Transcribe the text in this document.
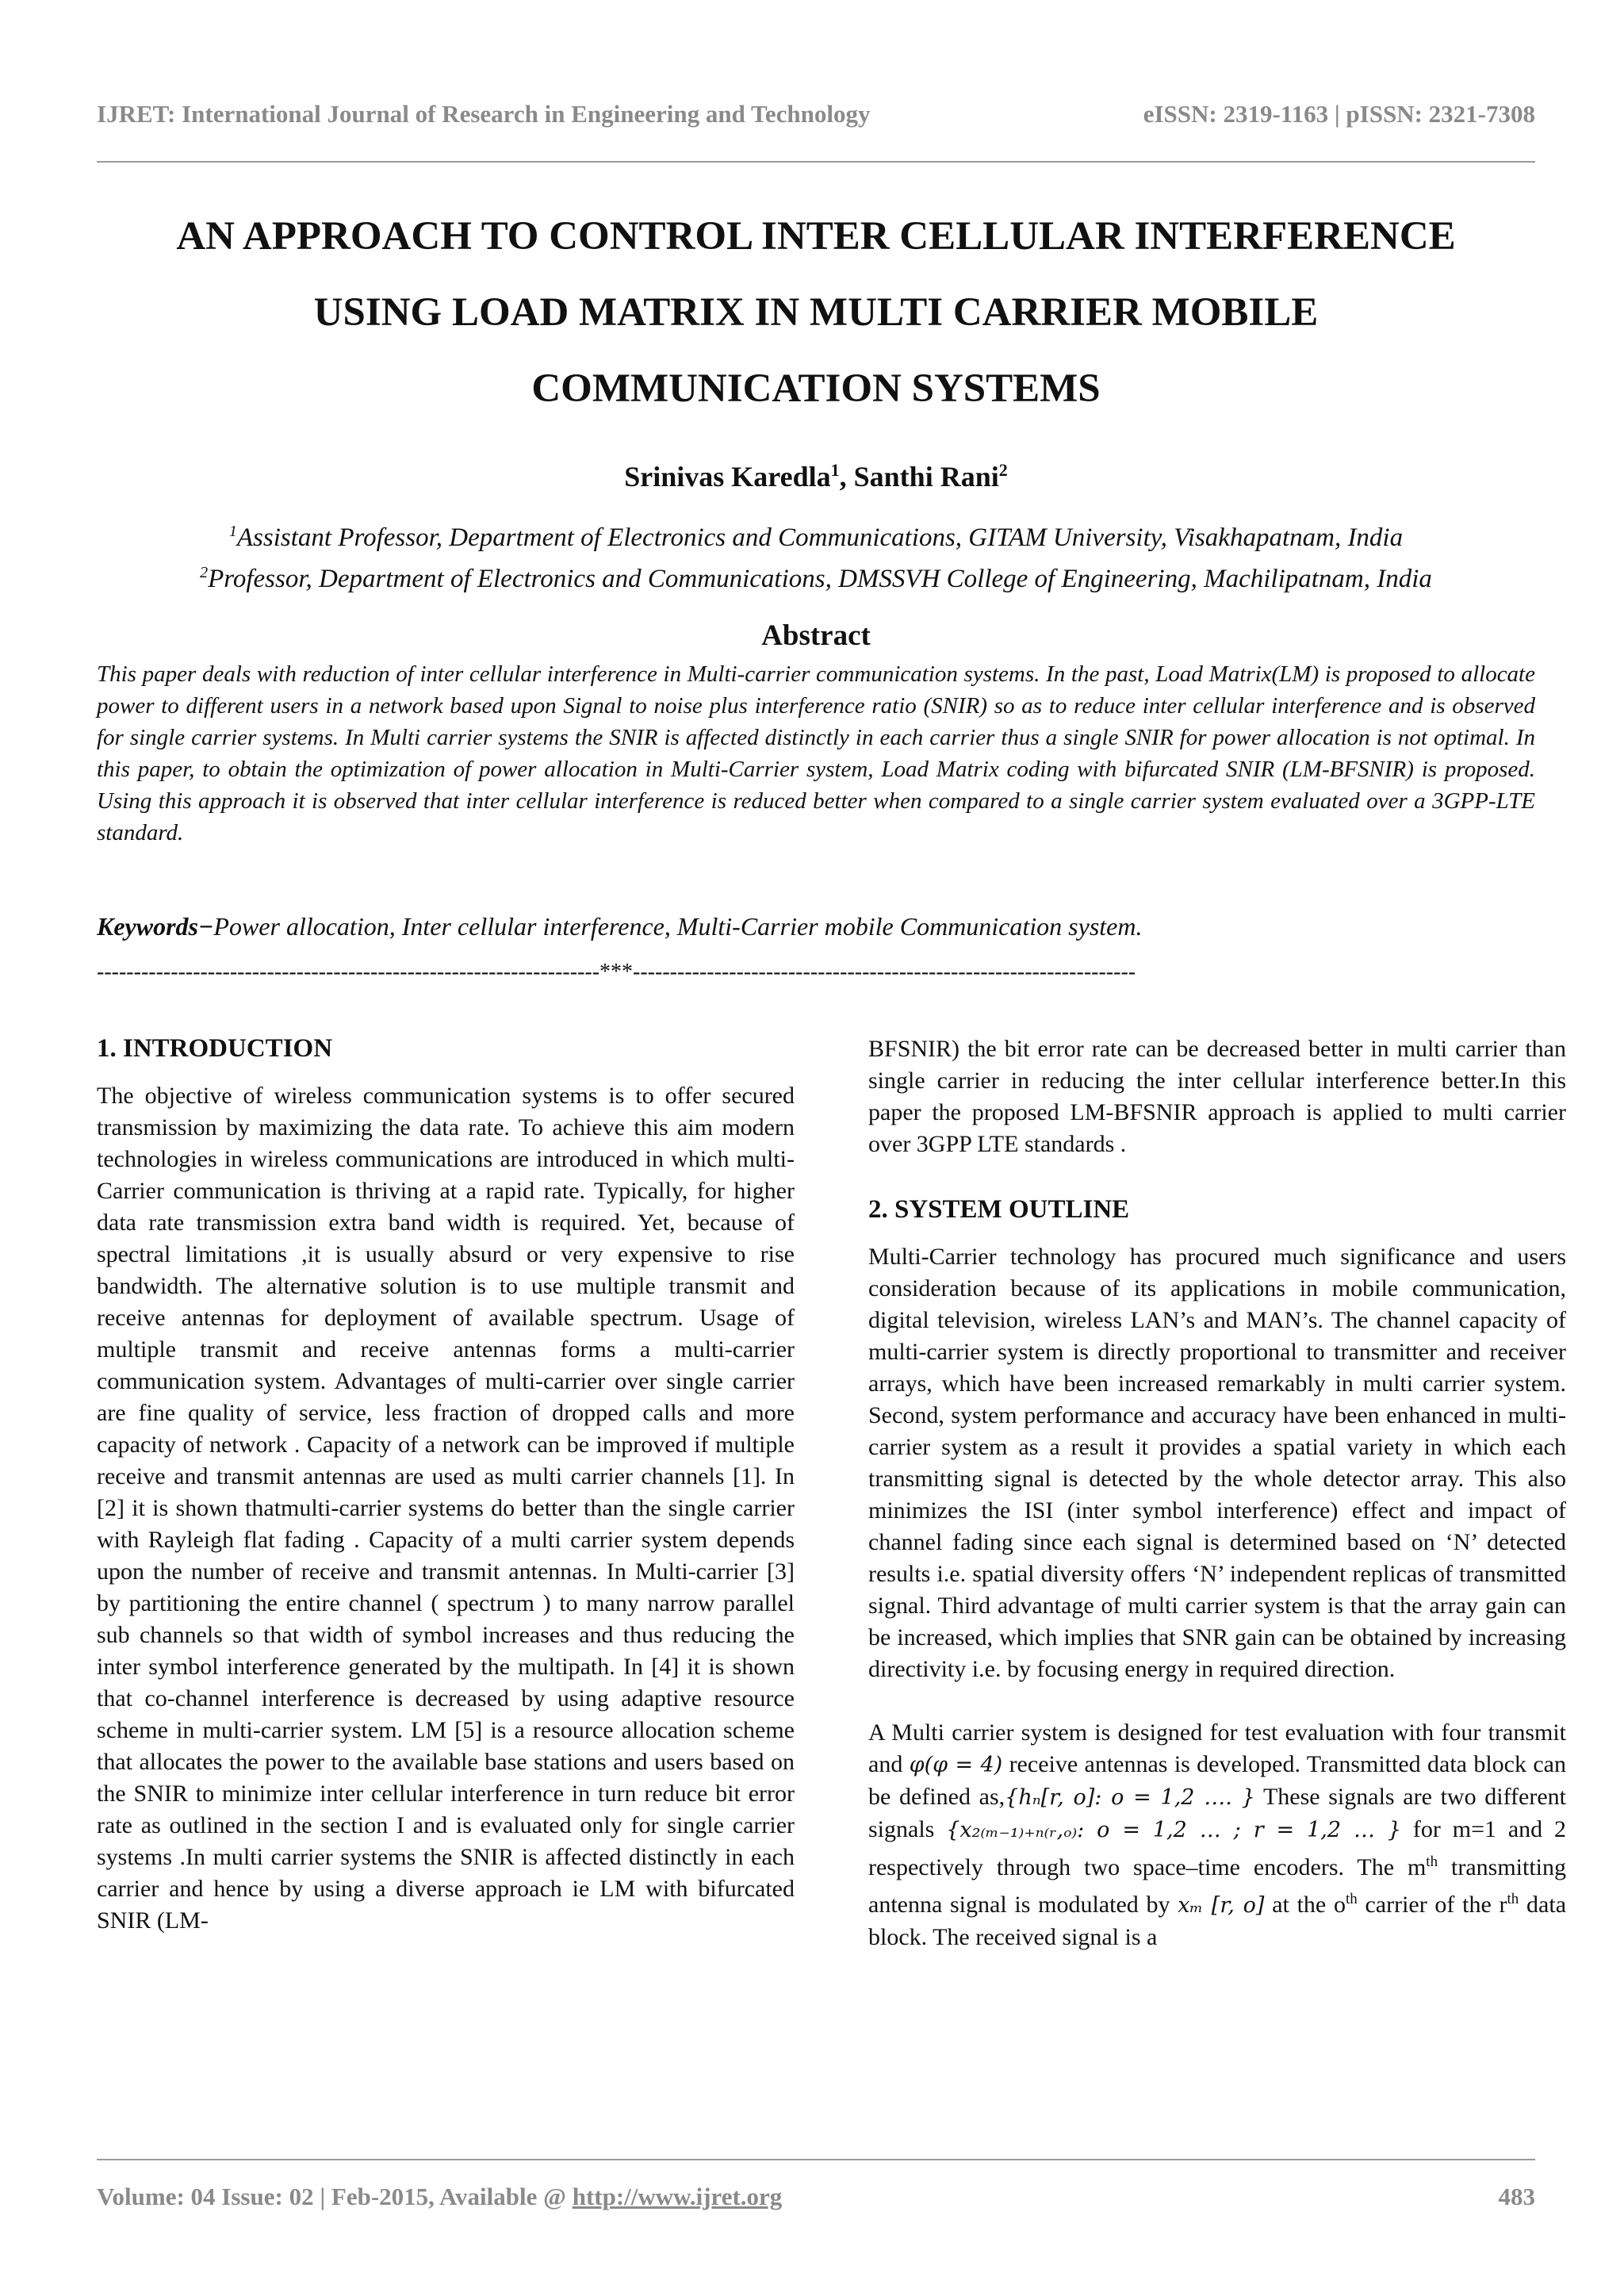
IJRET: International Journal of Research in Engineering and Technology	eISSN: 2319-1163 | pISSN: 2321-7308
AN APPROACH TO CONTROL INTER CELLULAR INTERFERENCE
USING LOAD MATRIX IN MULTI CARRIER MOBILE
COMMUNICATION SYSTEMS
Srinivas Karedla$^1$, Santhi Rani$^2$

$^1$Assistant Professor, Department of Electronics and Communications, GITAM University, Visakhapatnam, India

$^2$Professor, Department of Electronics and Communications, DMSSVH College of Engineering, Machilipatnam, India

Abstract

This paper deals with reduction of inter cellular interference in Multi-carrier communication systems. In the past, Load Matrix(LM) is proposed to allocate power to different users in a network based upon Signal to noise plus interference ratio (SNIR) so as to reduce inter cellular interference and is observed for single carrier systems. In Multi carrier systems the SNIR is affected distinctly in each carrier thus a single SNIR for power allocation is not optimal. In this paper, to obtain the optimization of power allocation in Multi-Carrier system, Load Matrix coding with bifurcated SNIR (LM-BFSNIR) is proposed. Using this approach it is observed that inter cellular interference is reduced better when compared to a single carrier system evaluated over a 3GPP-LTE standard.

Keywords−Power allocation, Inter cellular interference, Multi-Carrier mobile Communication system.
--------------------------------------------------------------------***--------------------------------------------------------------------
1. INTRODUCTION

The objective of wireless communication systems is to offer secured transmission by maximizing the data rate. To achieve this aim modern technologies in wireless communications are introduced in which multi-Carrier communication is thriving at a rapid rate. Typically, for higher data rate transmission extra band width is required. Yet, because of spectral limitations ,it is usually absurd or very expensive to rise bandwidth. The alternative solution is to use multiple transmit and receive antennas for deployment of available spectrum. Usage of multiple transmit and receive antennas forms a multi-carrier communication system. Advantages of multi-carrier over single carrier are fine quality of service, less fraction of dropped calls and more capacity of network . Capacity of a network can be improved if multiple receive and transmit antennas are used as multi carrier channels [1]. In [2] it is shown thatmulti-carrier systems do better than the single carrier with Rayleigh flat fading . Capacity of a multi carrier system depends upon the number of receive and transmit antennas. In Multi-carrier [3] by partitioning the entire channel ( spectrum ) to many narrow parallel sub channels so that width of symbol increases and thus reducing the inter symbol interference generated by the multipath. In [4] it is shown that co-channel interference is decreased by using adaptive resource scheme in multi-carrier system. LM [5] is a resource allocation scheme that allocates the power to the available base stations and users based on the SNIR to minimize inter cellular interference in turn reduce bit error rate as outlined in the section I and is evaluated only for single carrier systems .In multi carrier systems the SNIR is affected distinctly in each carrier and hence by using a diverse approach ie LM with bifurcated SNIR (LM-

BFSNIR) the bit error rate can be decreased better in multi carrier than single carrier in reducing the inter cellular interference better.In this paper the proposed LM-BFSNIR approach is applied to multi carrier over 3GPP LTE standards .

2. SYSTEM OUTLINE

Multi-Carrier technology has procured much significance and users consideration because of its applications in mobile communication, digital television, wireless LAN’s and MAN’s. The channel capacity of multi-carrier system is directly proportional to transmitter and receiver arrays, which have been increased remarkably in multi carrier system. Second, system performance and accuracy have been enhanced in multi-carrier system as a result it provides a spatial variety in which each transmitting signal is detected by the whole detector array. This also minimizes the ISI (inter symbol interference) effect and impact of channel fading since each signal is determined based on ‘N’ detected results i.e. spatial diversity offers ‘N’ independent replicas of transmitted signal. Third advantage of multi carrier system is that the array gain can be increased, which implies that SNR gain can be obtained by increasing directivity i.e. by focusing energy in required direction.

A Multi carrier system is designed for test evaluation with four transmit and φ(φ = 4) receive antennas is developed. Transmitted data block can be defined as,{hₙ[r, o]: o = 1,2 …. } These signals are two different signals {x₂₍ₘ₋₁₎₊ₙ₍ᵣ,ₒ₎: o = 1,2 … ; r = 1,2 … } for m=1 and 2 respectively through two space–time encoders. The $m^{th}$ transmitting antenna signal is modulated by xₘ [r, o] at the $o^{th}$ carrier of the $r^{th}$ data block. The received signal is a

Volume: 04 Issue: 02 | Feb-2015, Available @ http://www.ijret.org	483
